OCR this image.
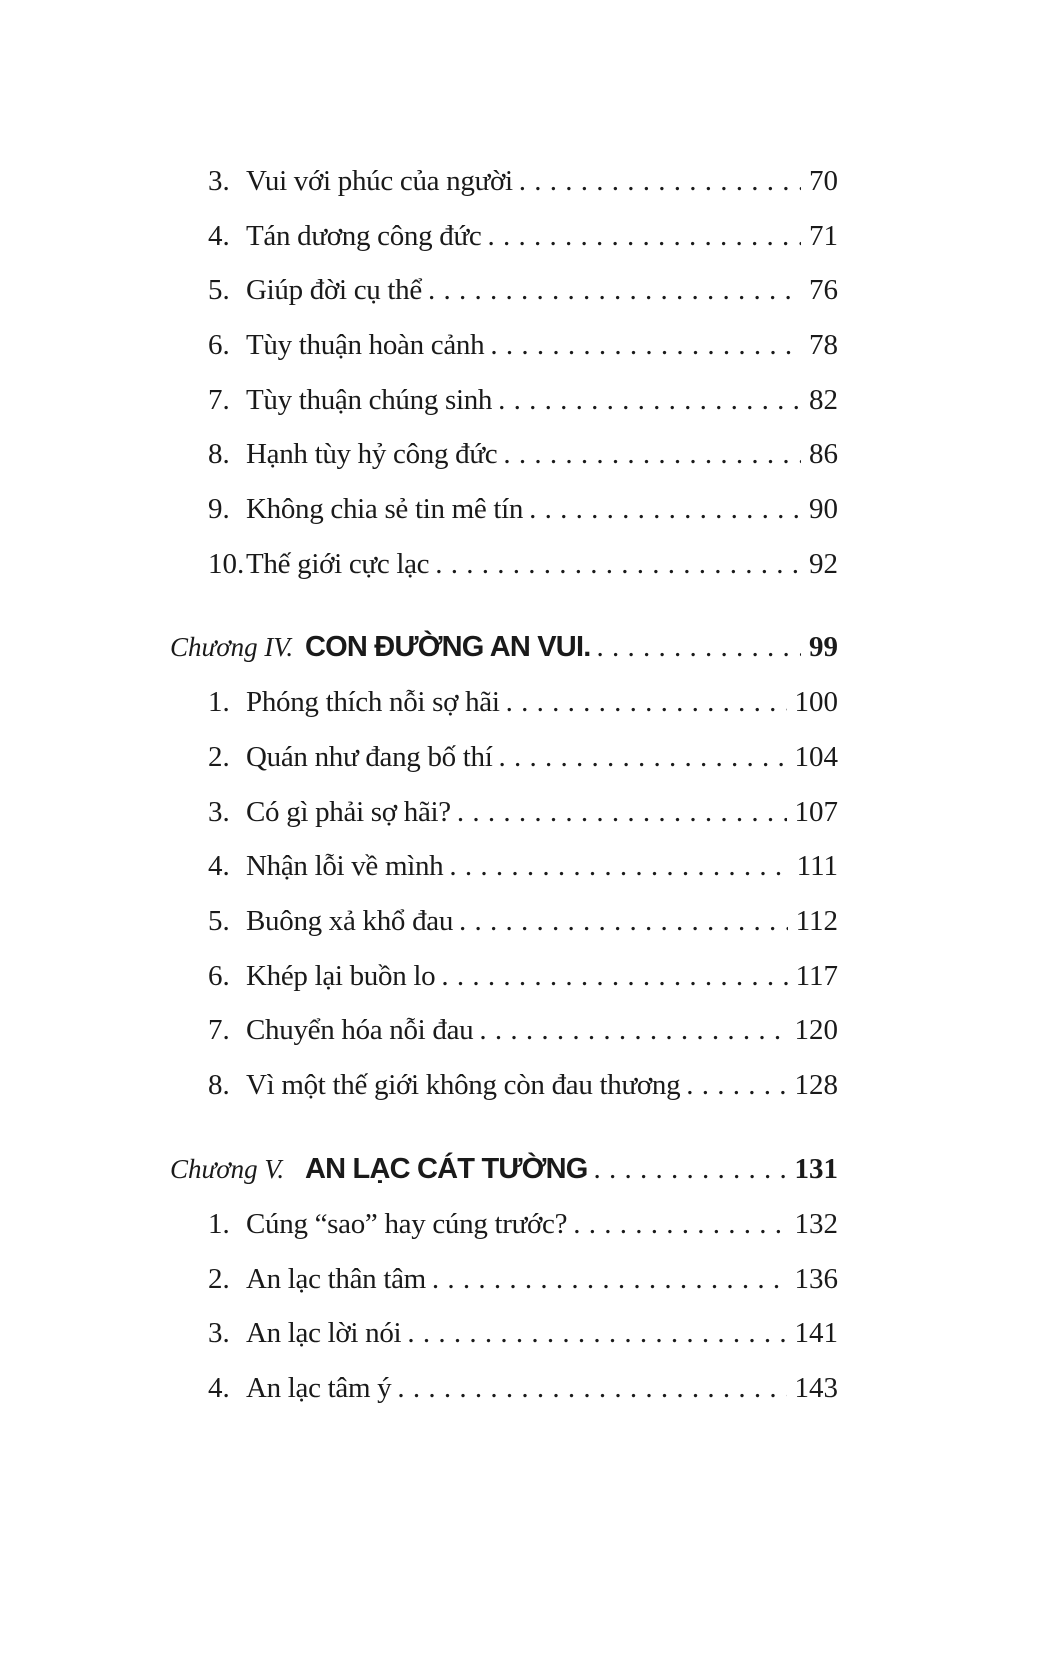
3. Vui với phúc của người . . .	70
4. Tán dương công đức . . .	71
5. Giúp đời cụ thể . . .	76
6. Tùy thuận hoàn cảnh . . .	78
7. Tùy thuận chúng sinh . . .	82
8. Hạnh tùy hỷ công đức . . .	86
9. Không chia sẻ tin mê tín . . .	90
10. Thế giới cực lạc . . .	92
Chương IV. CON ĐƯỜNG AN VUI. . . .	99
1. Phóng thích nỗi sợ hãi . . .	100
2. Quán như đang bố thí . . .	104
3. Có gì phải sợ hãi? . . .	107
4. Nhận lỗi về mình . . .	111
5. Buông xả khổ đau . . .	112
6. Khép lại buồn lo . . .	117
7. Chuyển hóa nỗi đau . . .	120
8. Vì một thế giới không còn đau thương . . .	128
Chương V. AN LẠC CÁT TƯỜNG . . .	131
1. Cúng “sao” hay cúng trước? . . .	132
2. An lạc thân tâm . . .	136
3. An lạc lời nói . . .	141
4. An lạc tâm ý . . .	143
